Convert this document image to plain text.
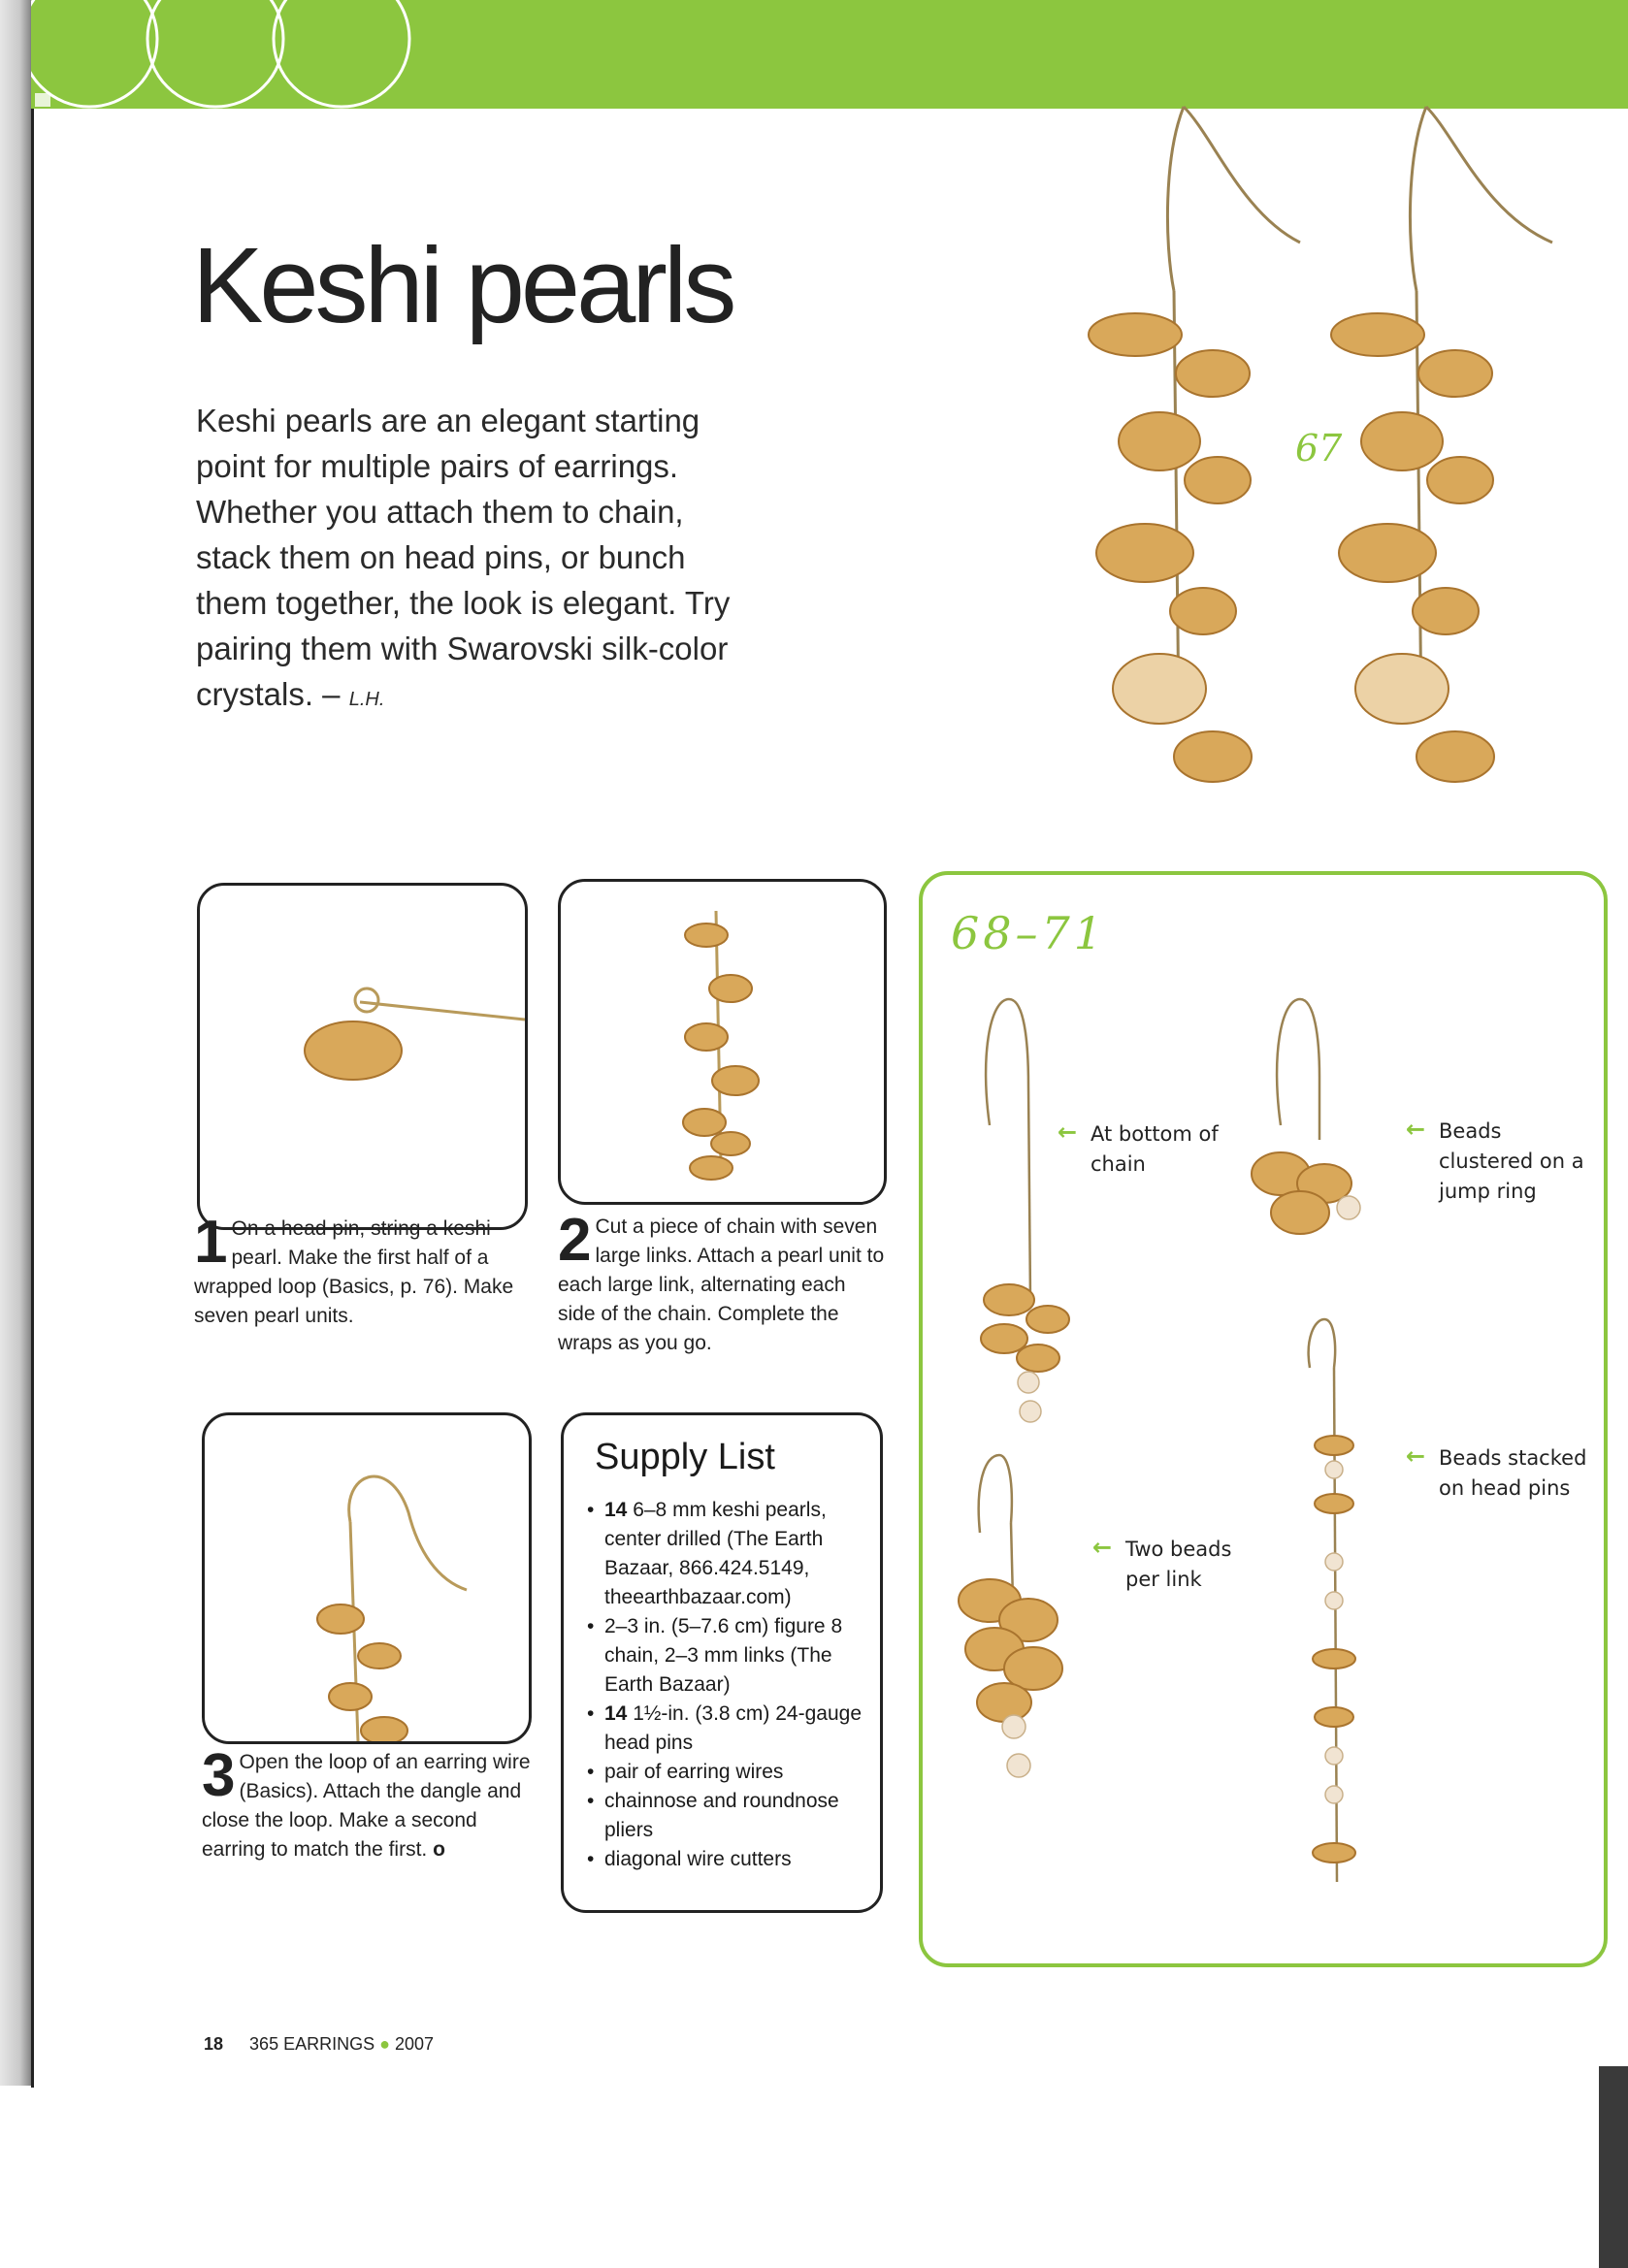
Keshi pearls

Keshi pearls are an elegant starting point for multiple pairs of earrings. Whether you attach them to chain, stack them on head pins, or bunch them together, the look is elegant. Try pairing them with Swarovski silk-color crystals. – L.H.

67
1 On a head pin, string a keshi pearl. Make the first half of a wrapped loop (Basics, p. 76). Make seven pearl units.
2 Cut a piece of chain with seven large links. Attach a pearl unit to each large link, alternating each side of the chain. Complete the wraps as you go.
3 Open the loop of an earring wire (Basics). Attach the dangle and close the loop. Make a second earring to match the first. o
Supply List
• 14 6–8 mm keshi pearls, center drilled (The Earth Bazaar, 866.424.5149, theearthbazaar.com)
• 2–3 in. (5–7.6 cm) figure 8 chain, 2–3 mm links (The Earth Bazaar)
• 14 1½-in. (3.8 cm) 24-gauge head pins
• pair of earring wires
• chainnose and roundnose pliers
• diagonal wire cutters
68–71
← At bottom of chain
← Beads clustered on a jump ring
← Two beads per link
← Beads stacked on head pins
18 365 EARRINGS ● 2007
